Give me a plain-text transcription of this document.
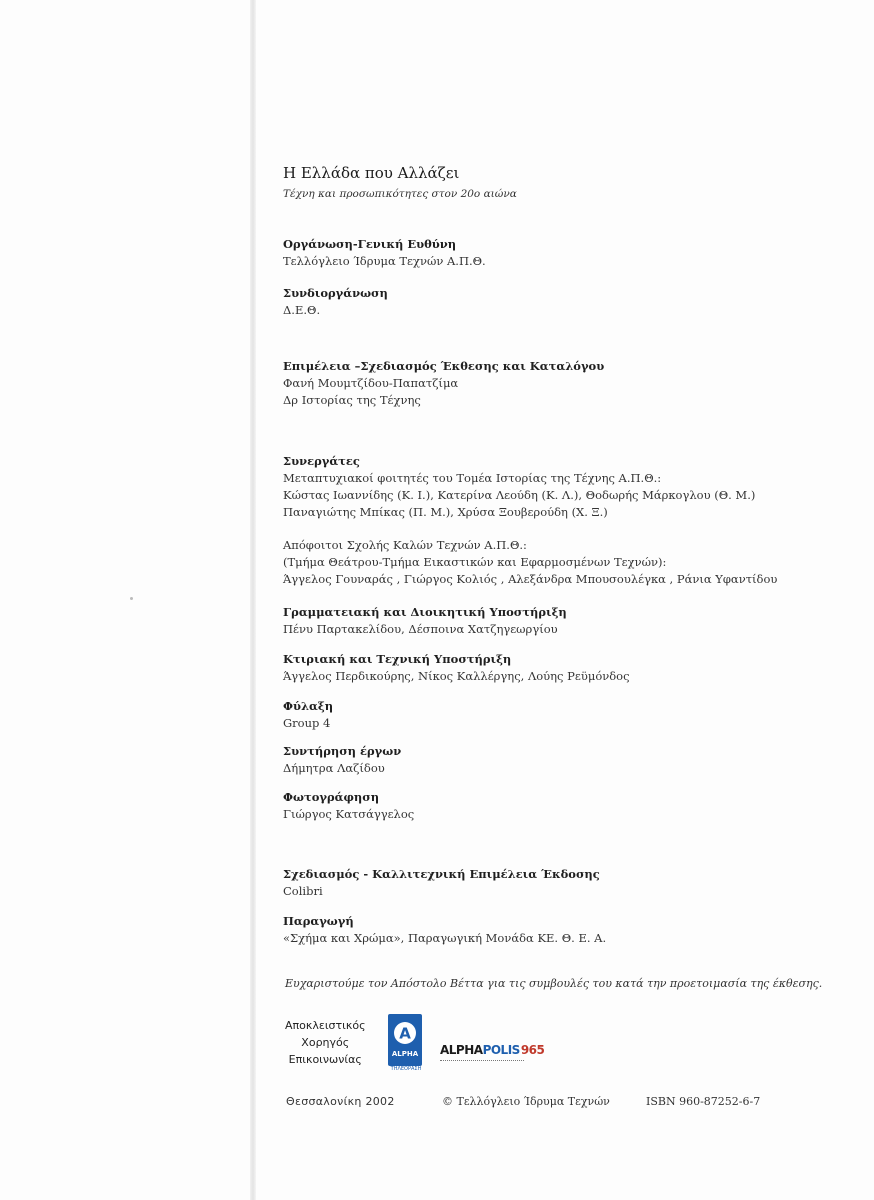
Η Ελλάδα που Αλλάζει
Τέχνη και προσωπικότητες στον 20ο αιώνα
Οργάνωση-Γενική Ευθύνη
Τελλόγλειο Ίδρυμα Τεχνών Α.Π.Θ.
Συνδιοργάνωση
Δ.Ε.Θ.
Επιμέλεια –Σχεδιασμός Έκθεσης και Καταλόγου
Φανή Μουμτζίδου-Παπατζίμα
Δρ Ιστορίας της Τέχνης
Συνεργάτες
Μεταπτυχιακοί φοιτητές του Τομέα Ιστορίας της Τέχνης Α.Π.Θ.:
Κώστας Ιωαννίδης (Κ. Ι.), Κατερίνα Λεούδη (Κ. Λ.), Θοδωρής Μάρκογλου (Θ. Μ.)
Παναγιώτης Μπίκας (Π. Μ.), Χρύσα Ξουβερούδη (Χ. Ξ.)
Απόφοιτοι Σχολής Καλών Τεχνών Α.Π.Θ.:
(Τμήμα Θεάτρου-Τμήμα Εικαστικών και Εφαρμοσμένων Τεχνών):
Άγγελος Γουναράς , Γιώργος Κολιός , Αλεξάνδρα Μπουσουλέγκα , Ράνια Υφαντίδου
Γραμματειακή και Διοικητική Υποστήριξη
Πένυ Παρτακελίδου, Δέσποινα Χατζηγεωργίου
Κτιριακή και Τεχνική Υποστήριξη
Άγγελος Περδικούρης, Νίκος Καλλέργης, Λούης Ρεϋμόνδος
Φύλαξη
Group 4
Συντήρηση έργων
Δήμητρα Λαζίδου
Φωτογράφηση
Γιώργος Κατσάγγελος
Σχεδιασμός - Καλλιτεχνική Επιμέλεια Έκδοσης
Colibri
Παραγωγή
«Σχήμα και Χρώμα», Παραγωγική Μονάδα ΚΕ. Θ. Ε. Α.
Ευχαριστούμε τον Απόστολο Βέττα για τις συμβουλές του κατά την προετοιμασία της έκθεσης.
Αποκλειστικός
Χορηγός
Επικοινωνίας
A
ALPHA
ΤΗΛΕΟΡΑΣΗ
ALPHAPOLIS965
Θεσσαλονίκη 2002	© Τελλόγλειο Ίδρυμα Τεχνών	ISBN 960-87252-6-7
